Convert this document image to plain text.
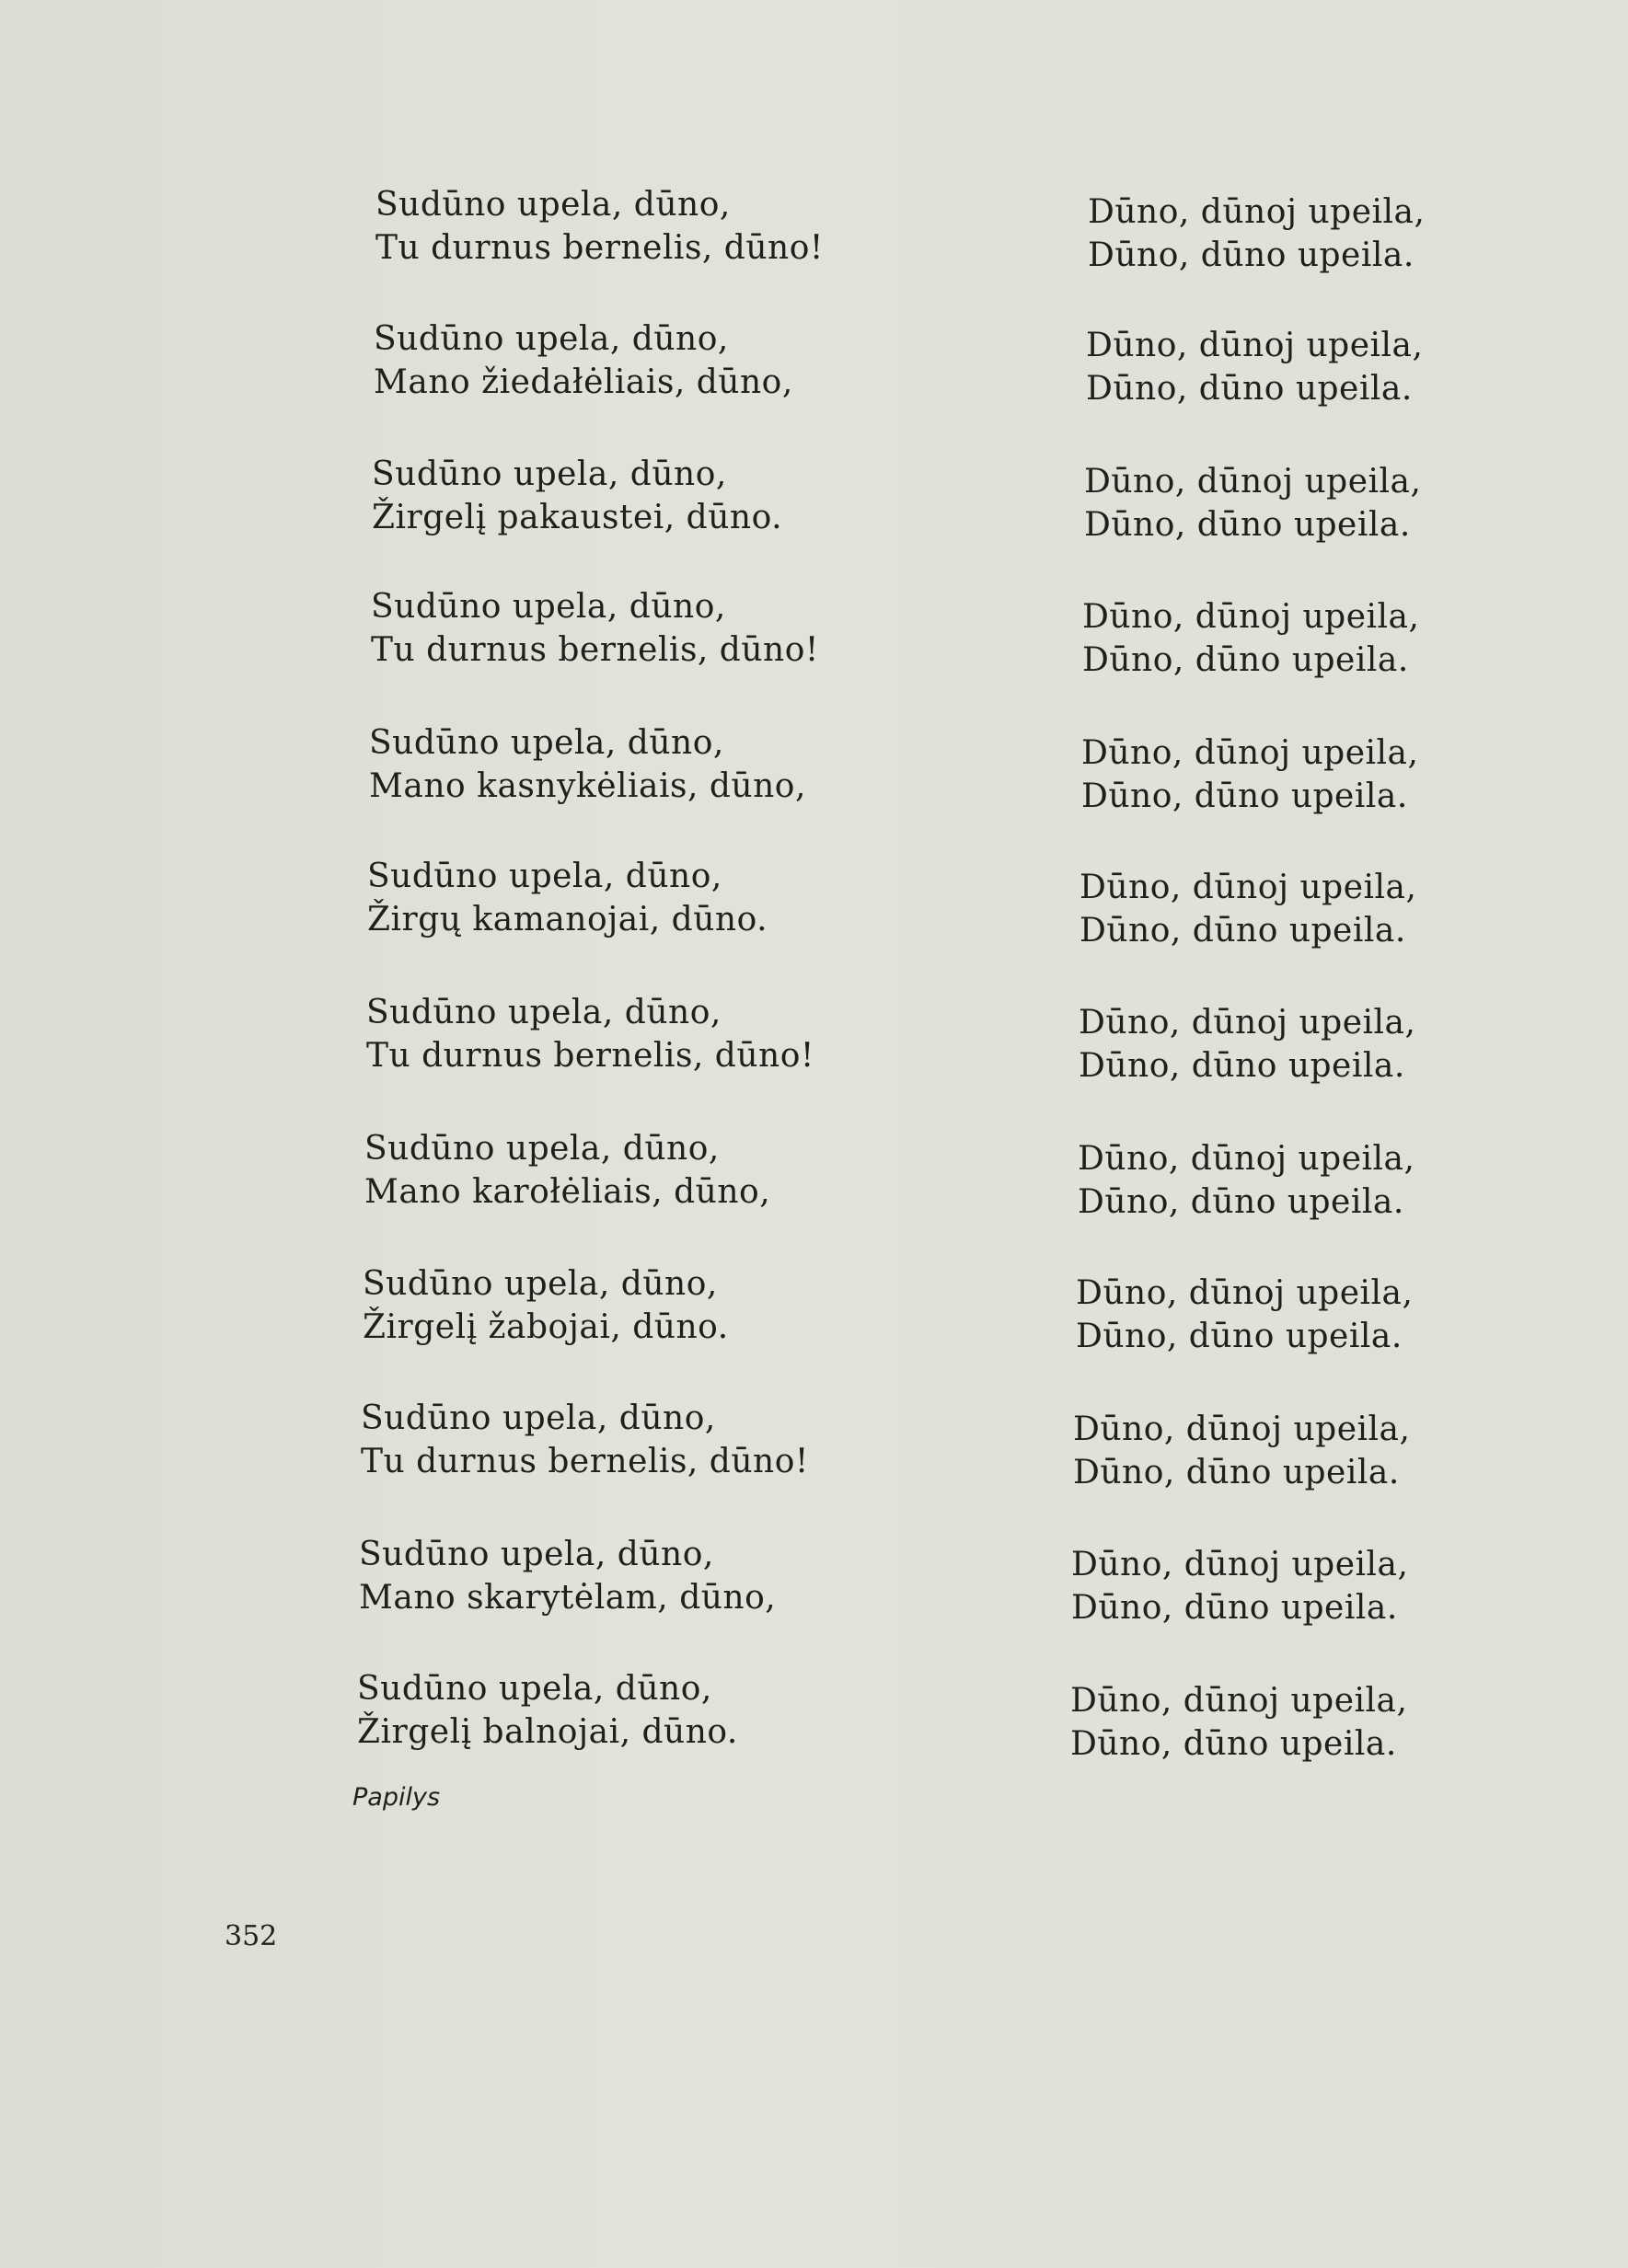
Sudūno upela, dūno,
Tu durnus bernelis, dūno!
Dūno, dūnoj upeila,
Dūno, dūno upeila.
Sudūno upela, dūno,
Mano žiedałėliais, dūno,
Dūno, dūnoj upeila,
Dūno, dūno upeila.
Sudūno upela, dūno,
Žirgelį pakaustei, dūno.
Dūno, dūnoj upeila,
Dūno, dūno upeila.
Sudūno upela, dūno,
Tu durnus bernelis, dūno!
Dūno, dūnoj upeila,
Dūno, dūno upeila.
Sudūno upela, dūno,
Mano kasnykėliais, dūno,
Dūno, dūnoj upeila,
Dūno, dūno upeila.
Sudūno upela, dūno,
Žirgų kamanojai, dūno.
Dūno, dūnoj upeila,
Dūno, dūno upeila.
Sudūno upela, dūno,
Tu durnus bernelis, dūno!
Dūno, dūnoj upeila,
Dūno, dūno upeila.
Sudūno upela, dūno,
Mano karołėliais, dūno,
Dūno, dūnoj upeila,
Dūno, dūno upeila.
Sudūno upela, dūno,
Žirgelį žabojai, dūno.
Dūno, dūnoj upeila,
Dūno, dūno upeila.
Sudūno upela, dūno,
Tu durnus bernelis, dūno!
Dūno, dūnoj upeila,
Dūno, dūno upeila.
Sudūno upela, dūno,
Mano skarytėlam, dūno,
Dūno, dūnoj upeila,
Dūno, dūno upeila.
Sudūno upela, dūno,
Žirgelį balnojai, dūno.
Dūno, dūnoj upeila,
Dūno, dūno upeila.
Papilys
352
